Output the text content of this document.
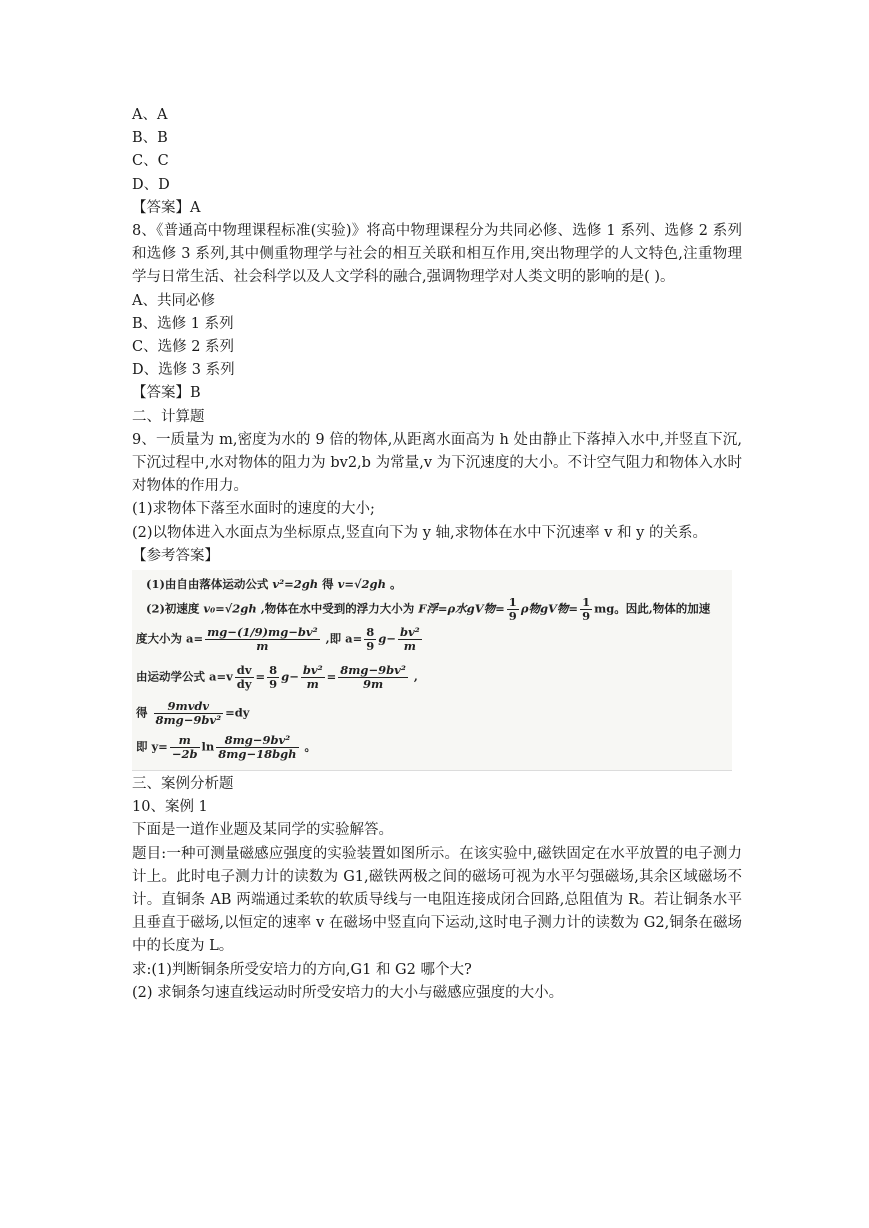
A、A
B、B
C、C
D、D
【答案】A
8、《普通高中物理课程标准(实验)》将高中物理课程分为共同必修、选修 1 系列、选修 2 系列和选修 3 系列,其中侧重物理学与社会的相互关联和相互作用,突出物理学的人文特色,注重物理学与日常生活、社会科学以及人文学科的融合,强调物理学对人类文明的影响的是( )。
A、共同必修
B、选修 1 系列
C、选修 2 系列
D、选修 3 系列
【答案】B
二、计算题
9、一质量为 m,密度为水的 9 倍的物体,从距离水面高为 h 处由静止下落掉入水中,并竖直下沉,下沉过程中,水对物体的阻力为 bv2,b 为常量,v 为下沉速度的大小。不计空气阻力和物体入水时对物体的作用力。
(1)求物体下落至水面时的速度的大小;
(2)以物体进入水面点为坐标原点,竖直向下为 y 轴,求物体在水中下沉速率 v 和 y 的关系。
【参考答案】
(1)由自由落体运动公式 v²=2gh 得 v=√2gh 。
(2)初速度 v₀=√2gh ,物体在水中受到的浮力大小为 F浮=ρ水gV物= $\frac{1}{9}$ ρ物gV物= $\frac{1}{9}$ mg。因此,物体的加速
度大小为 $a= \frac{\text{mg−(1/9)mg−bv²}}{m}$ ,即 $a= \frac{8}{9} g- \frac{\text{bv²}}{m}$
由运动学公式 $a=v \frac{dv}{dy} = \frac{8}{9} g- \frac{\text{bv²}}{m} = \frac{\text{8mg−9bv²}}{9m}$ ,
得 $\frac{\text{9mvdv}}{\text{8mg−9bv²}} =dy$
即 $y= \frac{m}{-2b}$ $\ln \frac{\text{8mg−9bv²}}{\text{8mg−18bgh}}$ 。
三、案例分析题
10、案例 1
下面是一道作业题及某同学的实验解答。
题目:一种可测量磁感应强度的实验装置如图所示。在该实验中,磁铁固定在水平放置的电子测力计上。此时电子测力计的读数为 G1,磁铁两极之间的磁场可视为水平匀强磁场,其余区域磁场不计。直铜条 AB 两端通过柔软的软质导线与一电阻连接成闭合回路,总阻值为 R。若让铜条水平且垂直于磁场,以恒定的速率 v 在磁场中竖直向下运动,这时电子测力计的读数为 G2,铜条在磁场中的长度为 L。
求:(1)判断铜条所受安培力的方向,G1 和 G2 哪个大?
(2) 求铜条匀速直线运动时所受安培力的大小与磁感应强度的大小。
